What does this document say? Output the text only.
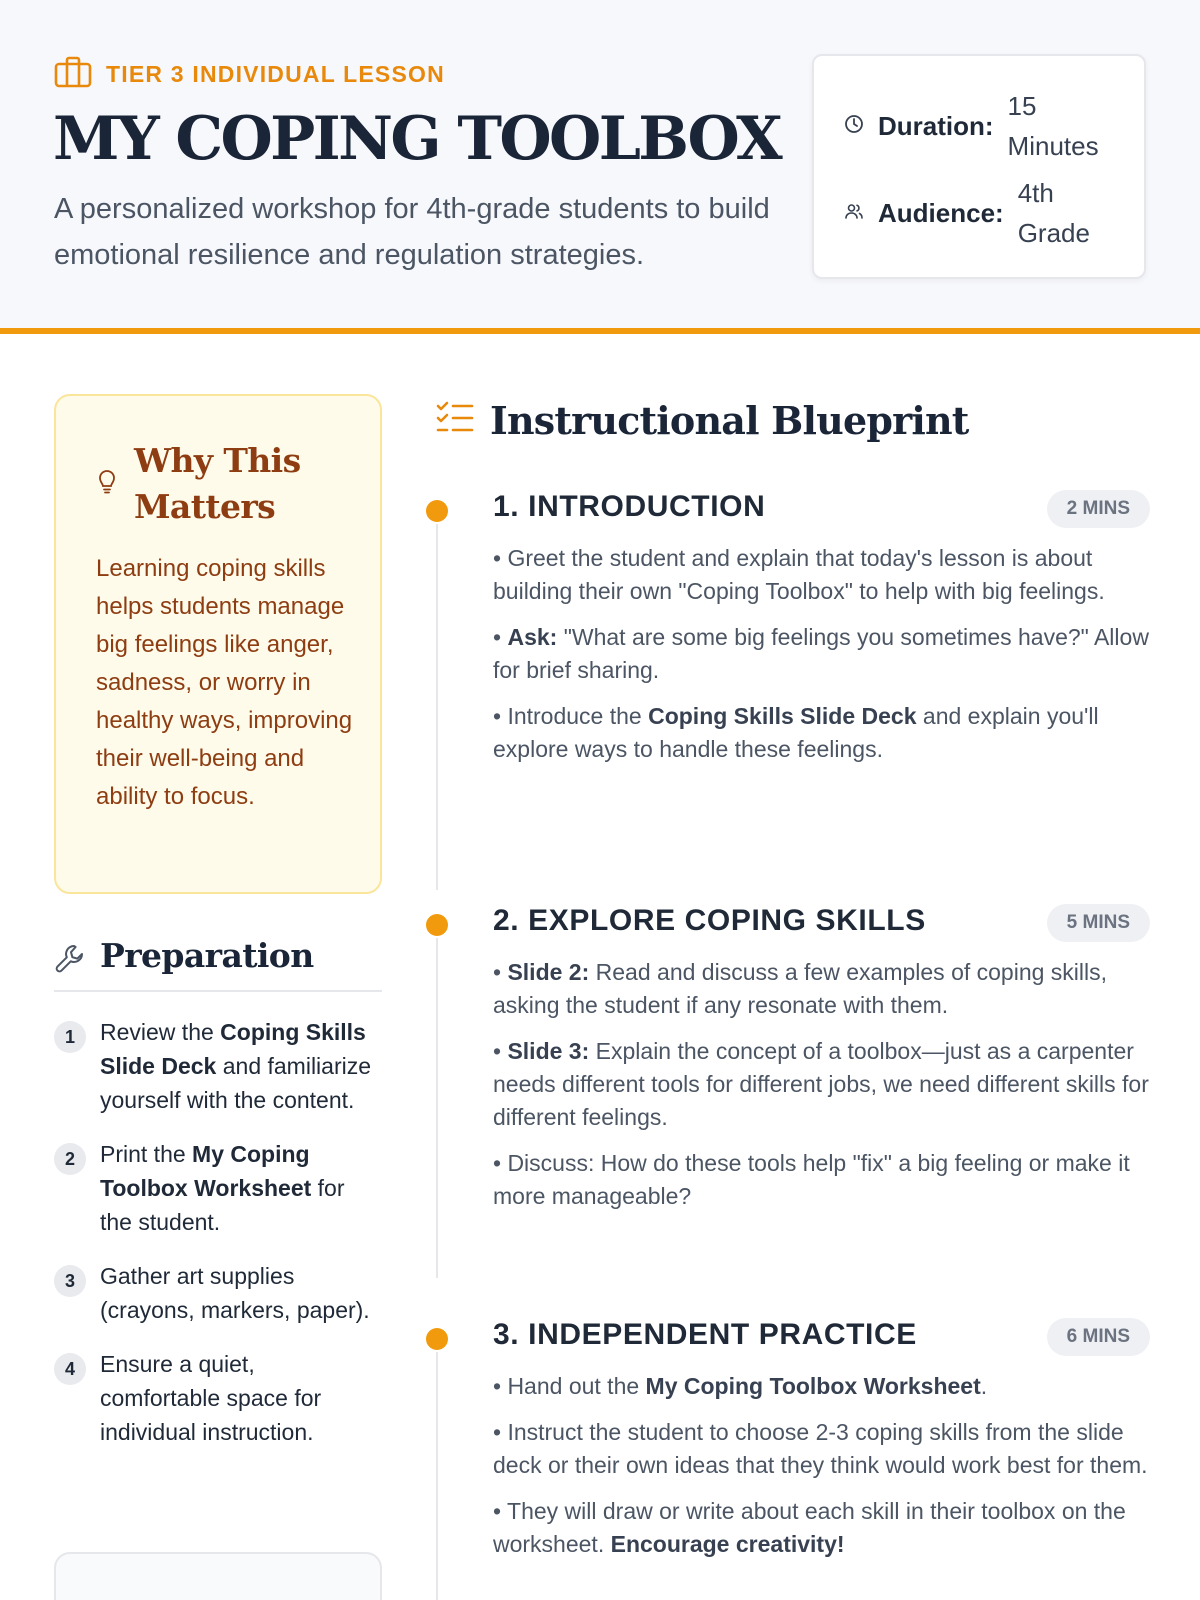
TIER 3 INDIVIDUAL LESSON
MY COPING TOOLBOX

A personalized workshop for 4th-grade students to build emotional resilience and regulation strategies.

Duration:
15 Minutes
Audience:
4th Grade
Why This Matters

Learning coping skills helps students manage big feelings like anger, sadness, or worry in healthy ways, improving their well-being and ability to focus.

Preparation
1	Review the Coping Skills Slide Deck and familiarize yourself with the content.
2	Print the My Coping Toolbox Worksheet for the student.
3	Gather art supplies (crayons, markers, paper).
4	Ensure a quiet, comfortable space for individual instruction.
Instructional Blueprint
1. INTRODUCTION	2 MINS
• Greet the student and explain that today's lesson is about building their own "Coping Toolbox" to help with big feelings.
• Ask: "What are some big feelings you sometimes have?" Allow for brief sharing.
• Introduce the Coping Skills Slide Deck and explain you'll explore ways to handle these feelings.
2. EXPLORE COPING SKILLS	5 MINS
• Slide 2: Read and discuss a few examples of coping skills, asking the student if any resonate with them.
• Slide 3: Explain the concept of a toolbox—just as a carpenter needs different tools for different jobs, we need different skills for different feelings.
• Discuss: How do these tools help "fix" a big feeling or make it more manageable?
3. INDEPENDENT PRACTICE	6 MINS
• Hand out the My Coping Toolbox Worksheet.
• Instruct the student to choose 2-3 coping skills from the slide deck or their own ideas that they think would work best for them.
• They will draw or write about each skill in their toolbox on the worksheet. Encourage creativity!
